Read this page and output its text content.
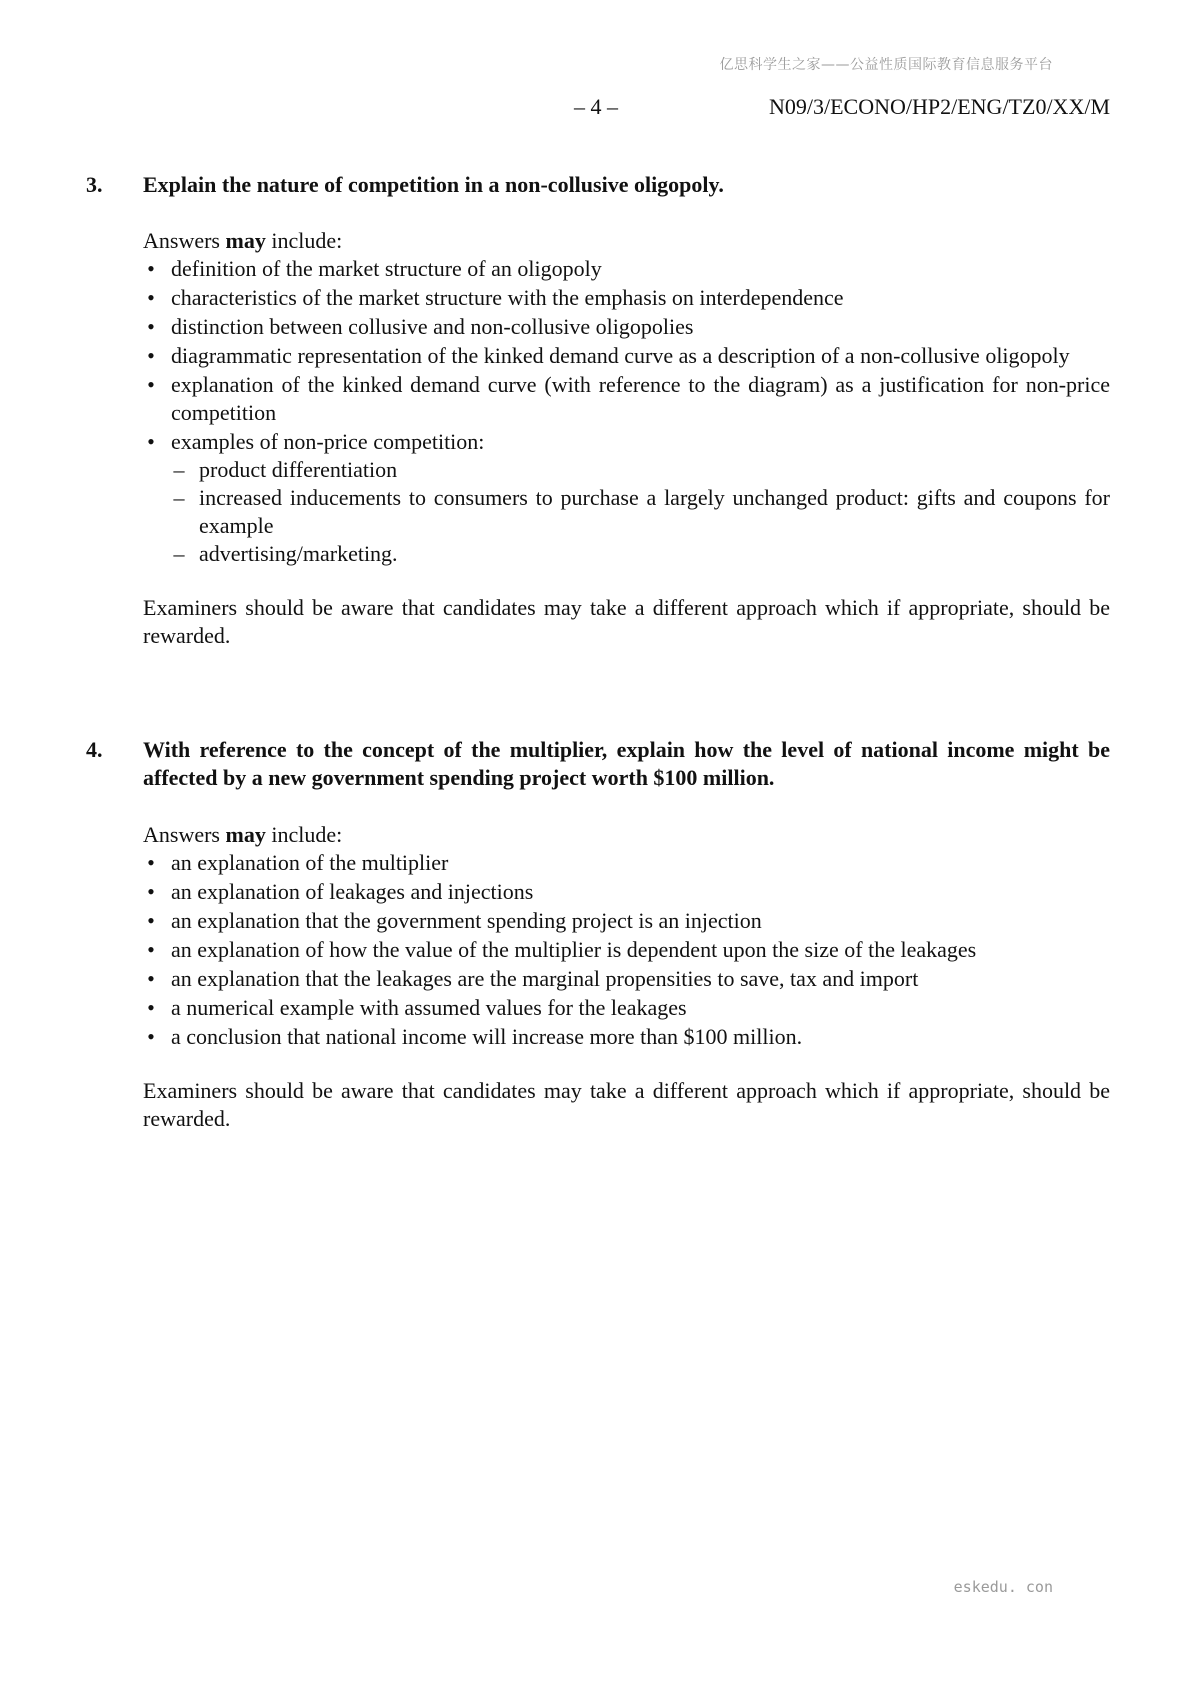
亿思科学生之家——公益性质国际教育信息服务平台
– 4 –	N09/3/ECONO/HP2/ENG/TZ0/XX/M
3. Explain the nature of competition in a non-collusive oligopoly.

Answers may include:

• definition of the market structure of an oligopoly
• characteristics of the market structure with the emphasis on interdependence
• distinction between collusive and non-collusive oligopolies
• diagrammatic representation of the kinked demand curve as a description of a non-collusive oligopoly
• explanation of the kinked demand curve (with reference to the diagram) as a justification for non-price competition
• examples of non-price competition:
– product differentiation
– increased inducements to consumers to purchase a largely unchanged product: gifts and coupons for example
– advertising/marketing.

Examiners should be aware that candidates may take a different approach which if appropriate, should be rewarded.

4. With reference to the concept of the multiplier, explain how the level of national income might be affected by a new government spending project worth $100 million.

Answers may include:

• an explanation of the multiplier
• an explanation of leakages and injections
• an explanation that the government spending project is an injection
• an explanation of how the value of the multiplier is dependent upon the size of the leakages
• an explanation that the leakages are the marginal propensities to save, tax and import
• a numerical example with assumed values for the leakages
• a conclusion that national income will increase more than $100 million.

Examiners should be aware that candidates may take a different approach which if appropriate, should be rewarded.

eskedu. con
